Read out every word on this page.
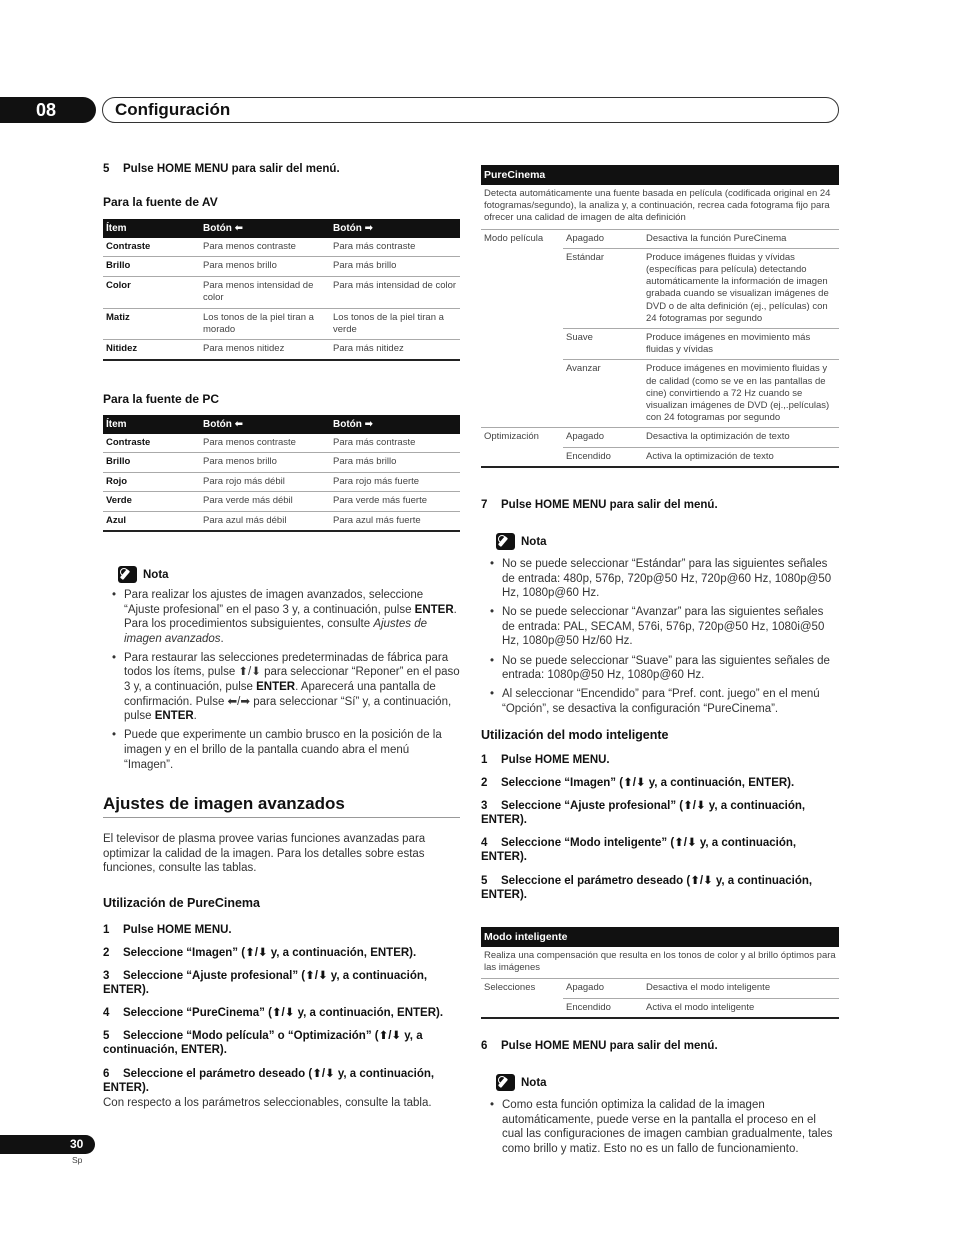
08	Configuración
5 Pulse HOME MENU para salir del menú.
Para la fuente de AV
Ítem	Botón ⬅	Botón ➡
Contraste	Para menos contraste	Para más contraste
Brillo	Para menos brillo	Para más brillo
Color	Para menos intensidad de color	Para más intensidad de color
Matiz	Los tonos de la piel tiran a morado	Los tonos de la piel tiran a verde
Nitidez	Para menos nitidez	Para más nitidez
Para la fuente de PC
Ítem	Botón ⬅	Botón ➡
Contraste	Para menos contraste	Para más contraste
Brillo	Para menos brillo	Para más brillo
Rojo	Para rojo más débil	Para rojo más fuerte
Verde	Para verde más débil	Para verde más fuerte
Azul	Para azul más débil	Para azul más fuerte
Nota
• Para realizar los ajustes de imagen avanzados, seleccione “Ajuste profesional” en el paso 3 y, a continuación, pulse ENTER. Para los procedimientos subsiguientes, consulte Ajustes de imagen avanzados.
• Para restaurar las selecciones predeterminadas de fábrica para todos los ítems, pulse ⬆/⬇ para seleccionar “Reponer” en el paso 3 y, a continuación, pulse ENTER. Aparecerá una pantalla de confirmación. Pulse ⬅/➡ para seleccionar “Sí” y, a continuación, pulse ENTER.
• Puede que experimente un cambio brusco en la posición de la imagen y en el brillo de la pantalla cuando abra el menú “Imagen”.
Ajustes de imagen avanzados
El televisor de plasma provee varias funciones avanzadas para optimizar la calidad de la imagen. Para los detalles sobre estas funciones, consulte las tablas.
Utilización de PureCinema
1 Pulse HOME MENU.
2 Seleccione “Imagen” (⬆/⬇ y, a continuación, ENTER).
3 Seleccione “Ajuste profesional” (⬆/⬇ y, a continuación, ENTER).
4 Seleccione “PureCinema” (⬆/⬇ y, a continuación, ENTER).
5 Seleccione “Modo película” o “Optimización” (⬆/⬇ y, a continuación, ENTER).
6 Seleccione el parámetro deseado (⬆/⬇ y, a continuación, ENTER).
Con respecto a los parámetros seleccionables, consulte la tabla.
PureCinema
Detecta automáticamente una fuente basada en película (codificada original en 24 fotogramas/segundo), la analiza y, a continuación, recrea cada fotograma fijo para ofrecer una calidad de imagen de alta definición
Modo película	Apagado	Desactiva la función PureCinema
	Estándar	Produce imágenes fluidas y vívidas (específicas para película) detectando automáticamente la información de imagen grabada cuando se visualizan imágenes de DVD o de alta definición (ej., películas) con 24 fotogramas por segundo
	Suave	Produce imágenes en movimiento más fluidas y vívidas
	Avanzar	Produce imágenes en movimiento fluidas y de calidad (como se ve en las pantallas de cine) convirtiendo a 72 Hz cuando se visualizan imágenes de DVD (ej.,.películas) con 24 fotogramas por segundo
Optimización	Apagado	Desactiva la optimización de texto
	Encendido	Activa la optimización de texto
7 Pulse HOME MENU para salir del menú.
Nota
• No se puede seleccionar “Estándar” para las siguientes señales de entrada: 480p, 576p, 720p@50 Hz, 720p@60 Hz, 1080p@50 Hz, 1080p@60 Hz.
• No se puede seleccionar “Avanzar” para las siguientes señales de entrada: PAL, SECAM, 576i, 576p, 720p@50 Hz, 1080i@50 Hz, 1080p@50 Hz/60 Hz.
• No se puede seleccionar “Suave” para las siguientes señales de entrada: 1080p@50 Hz, 1080p@60 Hz.
• Al seleccionar “Encendido” para “Pref. cont. juego” en el menú “Opción”, se desactiva la configuración “PureCinema”.
Utilización del modo inteligente
1 Pulse HOME MENU.
2 Seleccione “Imagen” (⬆/⬇ y, a continuación, ENTER).
3 Seleccione “Ajuste profesional” (⬆/⬇ y, a continuación, ENTER).
4 Seleccione “Modo inteligente” (⬆/⬇ y, a continuación, ENTER).
5 Seleccione el parámetro deseado (⬆/⬇ y, a continuación, ENTER).
Modo inteligente
Realiza una compensación que resulta en los tonos de color y al brillo óptimos para las imágenes
Selecciones	Apagado	Desactiva el modo inteligente
	Encendido	Activa el modo inteligente
6 Pulse HOME MENU para salir del menú.
Nota
• Como esta función optimiza la calidad de la imagen automáticamente, puede verse en la pantalla el proceso en el cual las configuraciones de imagen cambian gradualmente, tales como brillo y matiz. Esto no es un fallo de funcionamiento.
30
Sp
